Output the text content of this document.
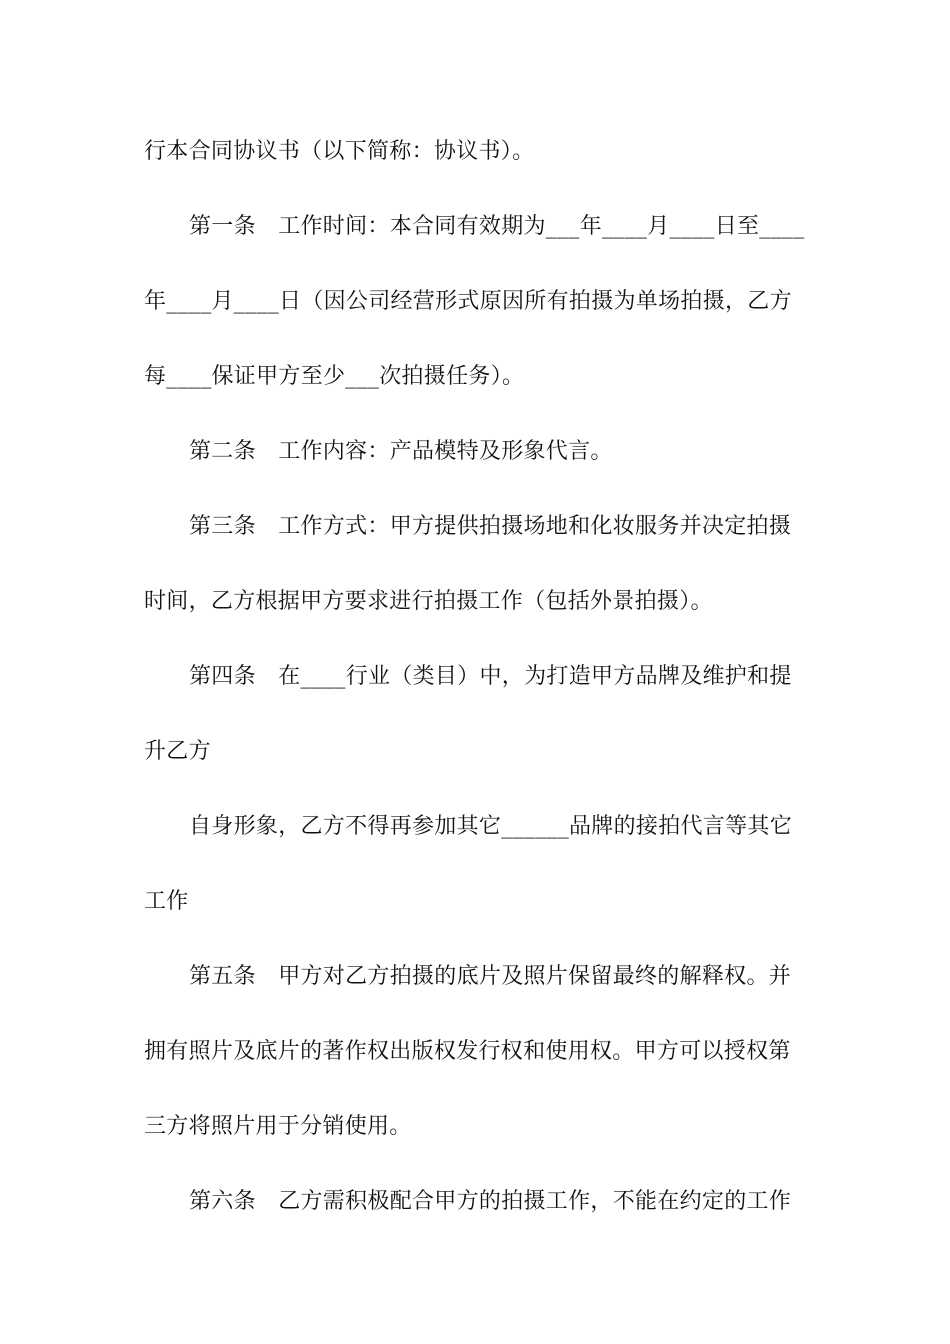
行本合同协议书（以下简称：协议书）。
第一条　工作时间：本合同有效期为___年____月____日至____
年____月____日（因公司经营形式原因所有拍摄为单场拍摄，乙方
每____保证甲方至少___次拍摄任务）。
第二条　工作内容：产品模特及形象代言。
第三条　工作方式：甲方提供拍摄场地和化妆服务并决定拍摄
时间，乙方根据甲方要求进行拍摄工作（包括外景拍摄）。
第四条　在____行业（类目）中，为打造甲方品牌及维护和提
升乙方
自身形象，乙方不得再参加其它______品牌的接拍代言等其它
工作
第五条　甲方对乙方拍摄的底片及照片保留最终的解释权。并
拥有照片及底片的著作权出版权发行权和使用权。甲方可以授权第
三方将照片用于分销使用。
第六条　乙方需积极配合甲方的拍摄工作，不能在约定的工作
